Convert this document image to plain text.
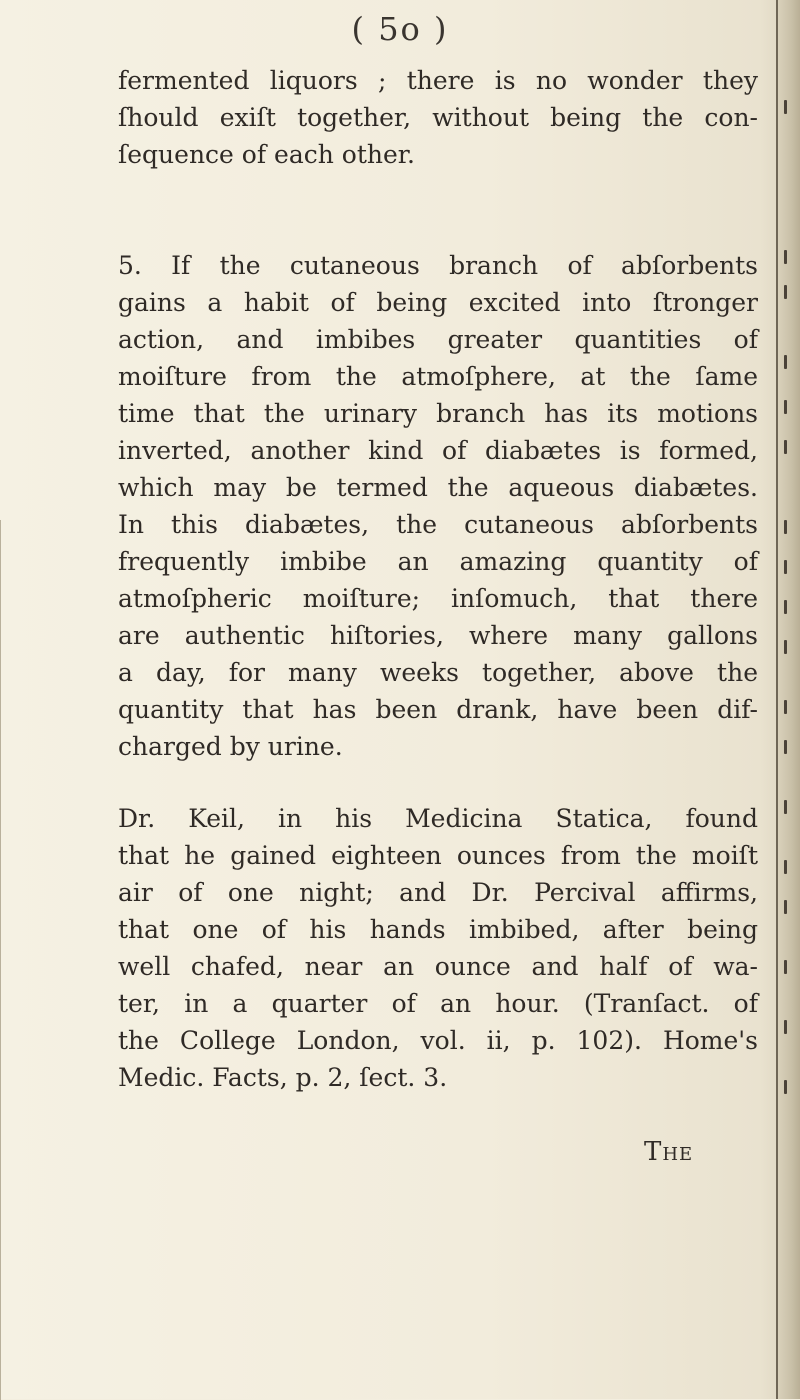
( 5o )
fermented liquors ; there is no wonder they
ſhould exiſt together, without being the con-
ſequence of each other.
5. If the cutaneous branch of abſorbents
gains a habit of being excited into ſtronger
action, and imbibes greater quantities of
moiſture from the atmoſphere, at the ſame
time that the urinary branch has its motions
inverted, another kind of diabætes is formed,
which may be termed the aqueous diabætes.
In this diabætes, the cutaneous abſorbents
frequently imbibe an amazing quantity of
atmoſpheric moiſture; inſomuch, that there
are authentic hiſtories, where many gallons
a day, for many weeks together, above the
quantity that has been drank, have been dif-
charged by urine.
Dr. Keil, in his Medicina Statica, found
that he gained eighteen ounces from the moiſt
air of one night; and Dr. Percival affirms,
that one of his hands imbibed, after being
well chafed, near an ounce and half of wa-
ter, in a quarter of an hour. (Tranſact. of
the College London, vol. ii, p. 102). Home's
Medic. Facts, p. 2, ſect. 3.
The
